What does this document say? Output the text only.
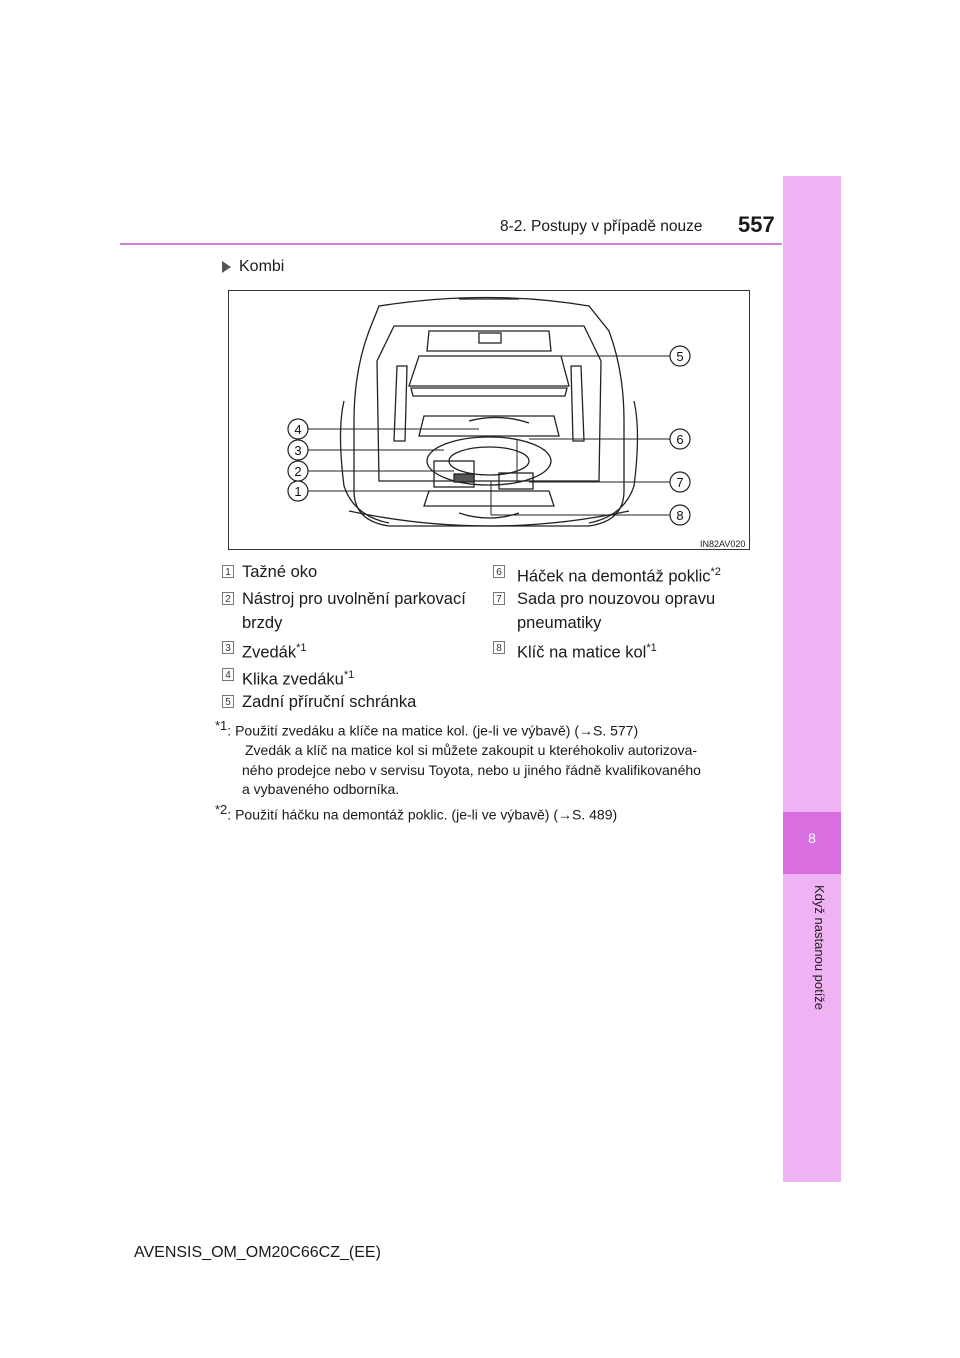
8-2. Postupy v případě nouze 557
8
Když nastanou potíže
Kombi
1
2
3
4
5
6
7
8
IN82AV020
1 Tažné oko
2 Nástroj pro uvolnění parkovací
brzdy
3 Zvedák$^{*1}$
4 Klika zvedáku$^{*1}$
5 Zadní příruční schránka
6 Háček na demontáž poklic$^{*2}$
7 Sada pro nouzovou opravu
pneumatiky
8 Klíč na matice kol$^{*1}$
$^{*1}$: Použití zvedáku a klíče na matice kol. (je-li ve výbavě) (→S. 577)
Zvedák a klíč na matice kol si můžete zakoupit u kteréhokoliv autorizova-
ného prodejce nebo v servisu Toyota, nebo u jiného řádně kvalifikovaného
a vybaveného odborníka.
$^{*2}$: Použití háčku na demontáž poklic. (je-li ve výbavě) (→S. 489)
AVENSIS_OM_OM20C66CZ_(EE)
